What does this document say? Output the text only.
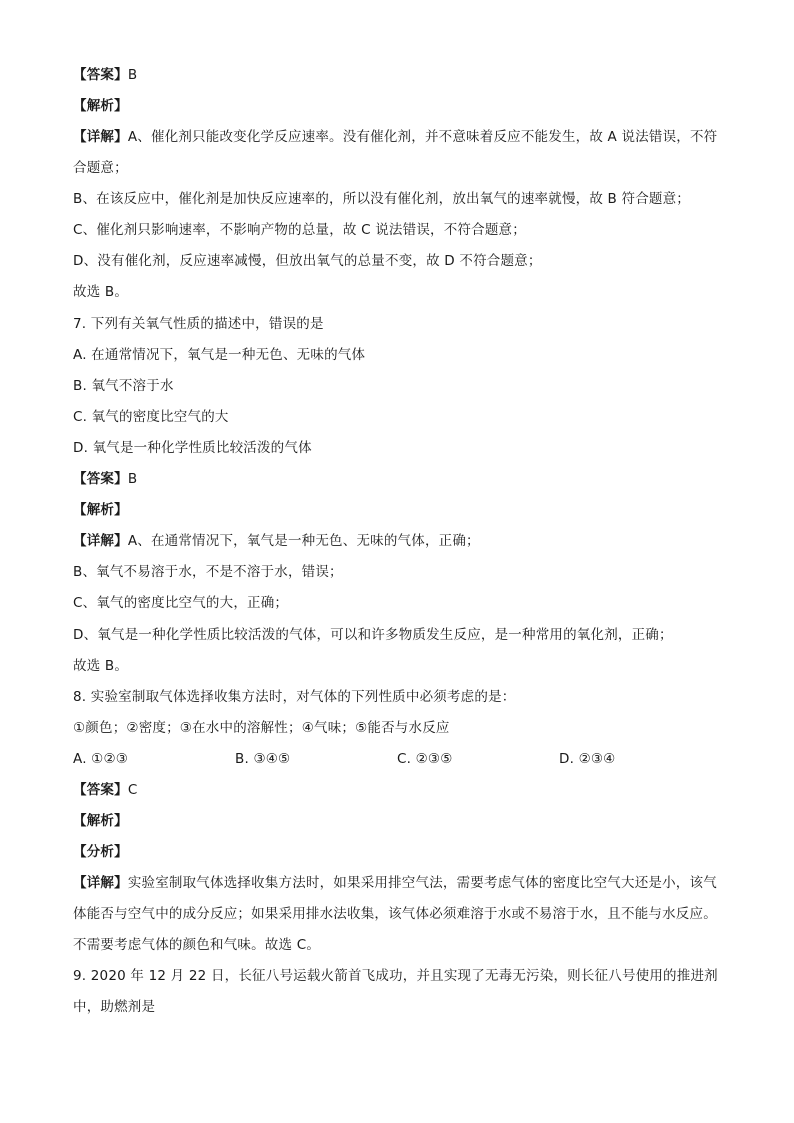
【答案】B
【解析】
【详解】A、催化剂只能改变化学反应速率。没有催化剂，并不意味着反应不能发生，故 A 说法错误，不符合题意；
B、在该反应中，催化剂是加快反应速率的，所以没有催化剂，放出氧气的速率就慢，故 B 符合题意；
C、催化剂只影响速率，不影响产物的总量，故 C 说法错误，不符合题意；
D、没有催化剂，反应速率减慢，但放出氧气的总量不变，故 D 不符合题意；
故选 B。
7. 下列有关氧气性质的描述中，错误的是
A. 在通常情况下，氧气是一种无色、无味的气体
B. 氧气不溶于水
C. 氧气的密度比空气的大
D. 氧气是一种化学性质比较活泼的气体
【答案】B
【解析】
【详解】A、在通常情况下，氧气是一种无色、无味的气体，正确；
B、氧气不易溶于水，不是不溶于水，错误；
C、氧气的密度比空气的大，正确；
D、氧气是一种化学性质比较活泼的气体，可以和许多物质发生反应，是一种常用的氧化剂，正确；
故选 B。
8. 实验室制取气体选择收集方法时，对气体的下列性质中必须考虑的是：
①颜色；②密度；③在水中的溶解性；④气味；⑤能否与水反应
A. ①②③	B. ③④⑤	C. ②③⑤	D. ②③④
【答案】C
【解析】
【分析】
【详解】实验室制取气体选择收集方法时，如果采用排空气法，需要考虑气体的密度比空气大还是小，该气体能否与空气中的成分反应；如果采用排水法收集，该气体必须难溶于水或不易溶于水，且不能与水反应。不需要考虑气体的颜色和气味。故选 C。
9. 2020 年 12 月 22 日，长征八号运载火箭首飞成功，并且实现了无毒无污染，则长征八号使用的推进剂中，助燃剂是
